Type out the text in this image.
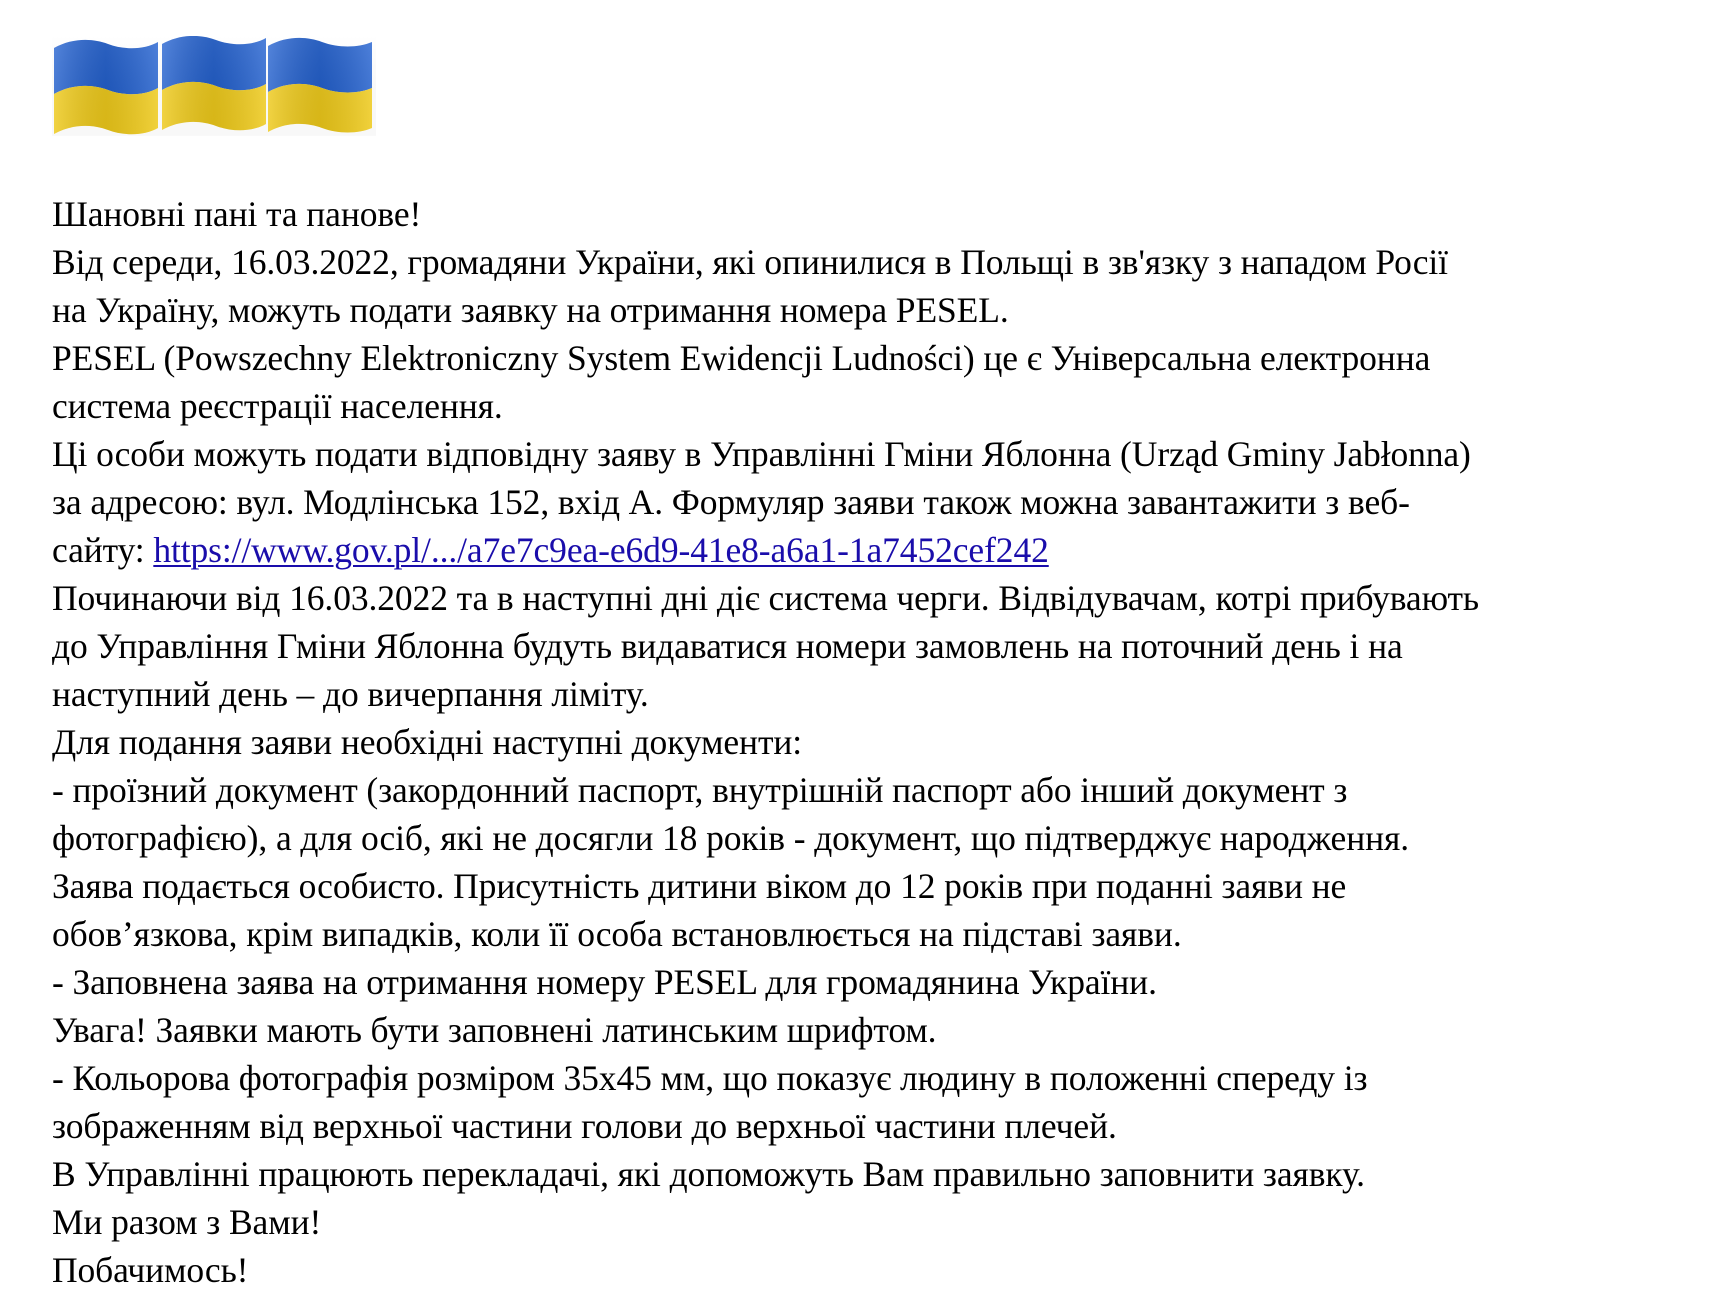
Шановні пані та панове!
Від середи, 16.03.2022, громадяни України, які опинилися в Польщі в зв'язку з нападом Росії
на Україну, можуть подати заявку на отримання номера PESEL.
PESEL (Powszechny Elektroniczny System Ewidencji Ludności) це є Універсальна електронна
система реєстрації населення.
Ці особи можуть подати відповідну заяву в Управлінні Гміни Яблонна (Urząd Gminy Jabłonna)
за адресою: вул. Модлінська 152, вхід А. Формуляр заяви також можна завантажити з веб-
сайту: https://www.gov.pl/.../a7e7c9ea-e6d9-41e8-a6a1-1a7452cef242
Починаючи від 16.03.2022 та в наступні дні діє система черги. Відвідувачам, котрі прибувають
до Управління Гміни Яблонна будуть видаватися номери замовлень на поточний день і на
наступний день – до вичерпання ліміту.
Для подання заяви необхідні наступні документи:
- проїзний документ (закордонний паспорт, внутрішній паспорт або інший документ з
фотографією), а для осіб, які не досягли 18 років - документ, що підтверджує народження.
Заява подається особисто. Присутність дитини віком до 12 років при поданні заяви не
обов’язкова, крім випадків, коли її особа встановлюється на підставі заяви.
- Заповнена заява на отримання номеру PESEL для громадянина України.
Увага! Заявки мають бути заповнені латинським шрифтом.
- Кольорова фотографія розміром 35x45 мм, що показує людину в положенні спереду із
зображенням від верхньої частини голови до верхньої частини плечей.
В Управлінні працюють перекладачі, які допоможуть Вам правильно заповнити заявку.
Ми разом з Вами!
Побачимось!
